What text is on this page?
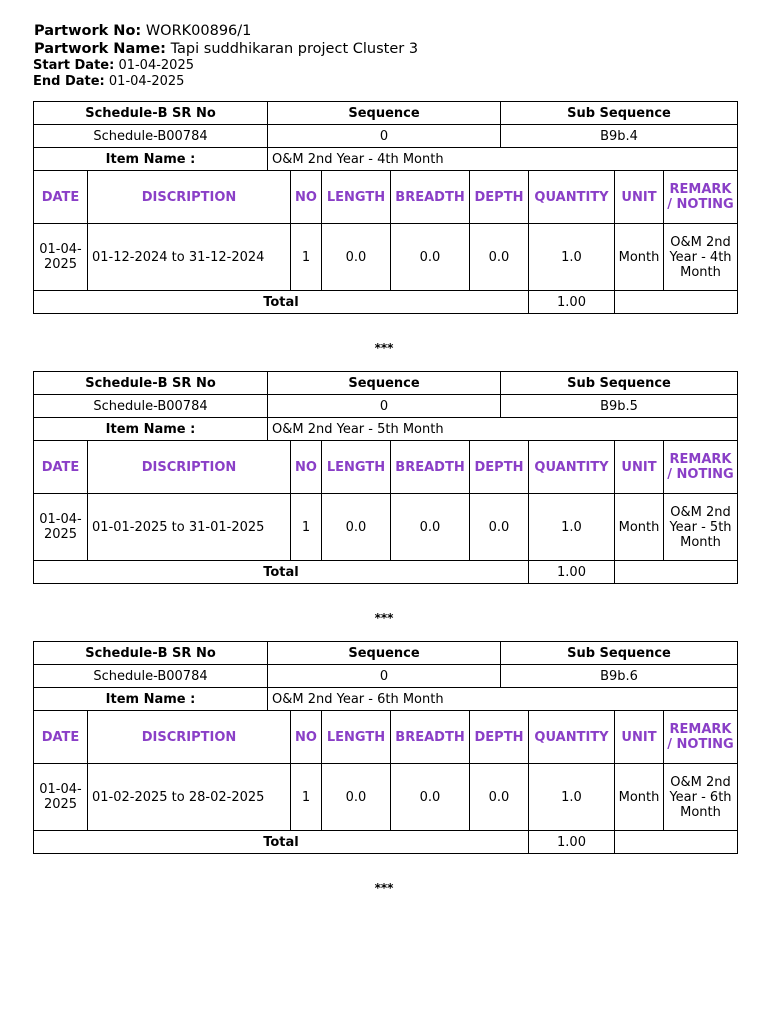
Partwork No: WORK00896/1
Partwork Name: Tapi suddhikaran project Cluster 3
Start Date: 01-04-2025
End Date: 01-04-2025
Schedule-B SR No	Sequence	Sub Sequence
Schedule-B00784	0	B9b.4
Item Name :	O&M 2nd Year - 4th Month	
DATE	DISCRIPTION	NO	LENGTH	BREADTH	DEPTH	QUANTITY	UNIT	REMARK / NOTING
01-04-2025	01-12-2024 to 31-12-2024	1	0.0	0.0	0.0	1.0	Month	O&M 2nd Year - 4th Month
Total						1.00		
***
Schedule-B SR No	Sequence	Sub Sequence
Schedule-B00784	0	B9b.5
Item Name :	O&M 2nd Year - 5th Month	
DATE	DISCRIPTION	NO	LENGTH	BREADTH	DEPTH	QUANTITY	UNIT	REMARK / NOTING
01-04-2025	01-01-2025 to 31-01-2025	1	0.0	0.0	0.0	1.0	Month	O&M 2nd Year - 5th Month
Total						1.00		
***
Schedule-B SR No	Sequence	Sub Sequence
Schedule-B00784	0	B9b.6
Item Name :	O&M 2nd Year - 6th Month	
DATE	DISCRIPTION	NO	LENGTH	BREADTH	DEPTH	QUANTITY	UNIT	REMARK / NOTING
01-04-2025	01-02-2025 to 28-02-2025	1	0.0	0.0	0.0	1.0	Month	O&M 2nd Year - 6th Month
Total						1.00		
***
